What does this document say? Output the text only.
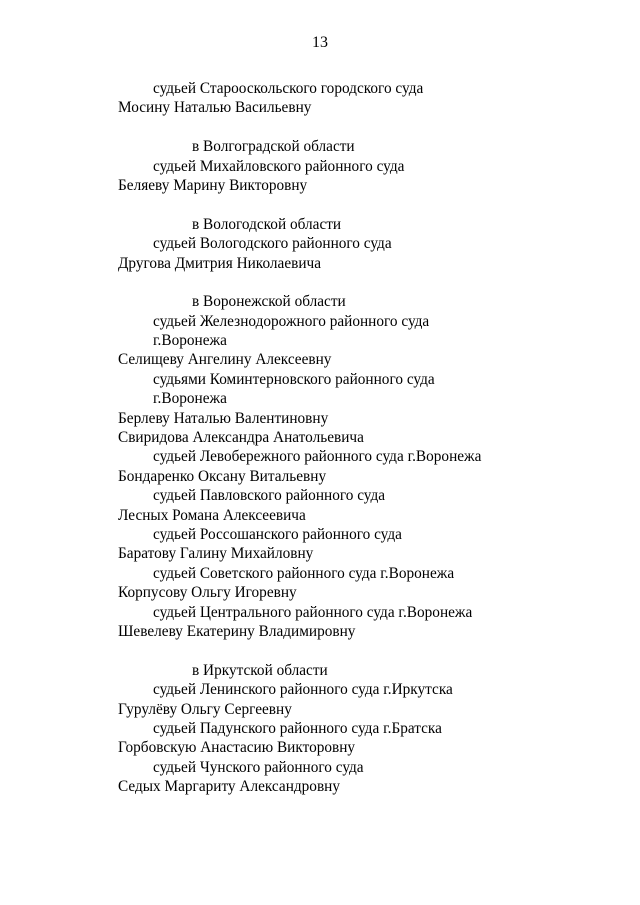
13
судьей Старооскольского городского суда
Мосину Наталью Васильевну
в Волгоградской области
судьей Михайловского районного суда
Беляеву Марину Викторовну
в Вологодской области
судьей Вологодского районного суда
Другова Дмитрия Николаевича
в Воронежской области
судьей Железнодорожного районного суда
г.Воронежа
Селищеву Ангелину Алексеевну
судьями Коминтерновского районного суда
г.Воронежа
Берлеву Наталью Валентиновну
Свиридова Александра Анатольевича
судьей Левобережного районного суда г.Воронежа
Бондаренко Оксану Витальевну
судьей Павловского районного суда
Лесных Романа Алексеевича
судьей Россошанского районного суда
Баратову Галину Михайловну
судьей Советского районного суда г.Воронежа
Корпусову Ольгу Игоревну
судьей Центрального районного суда г.Воронежа
Шевелеву Екатерину Владимировну
в Иркутской области
судьей Ленинского районного суда г.Иркутска
Гурулёву Ольгу Сергеевну
судьей Падунского районного суда г.Братска
Горбовскую Анастасию Викторовну
судьей Чунского районного суда
Седых Маргариту Александровну
